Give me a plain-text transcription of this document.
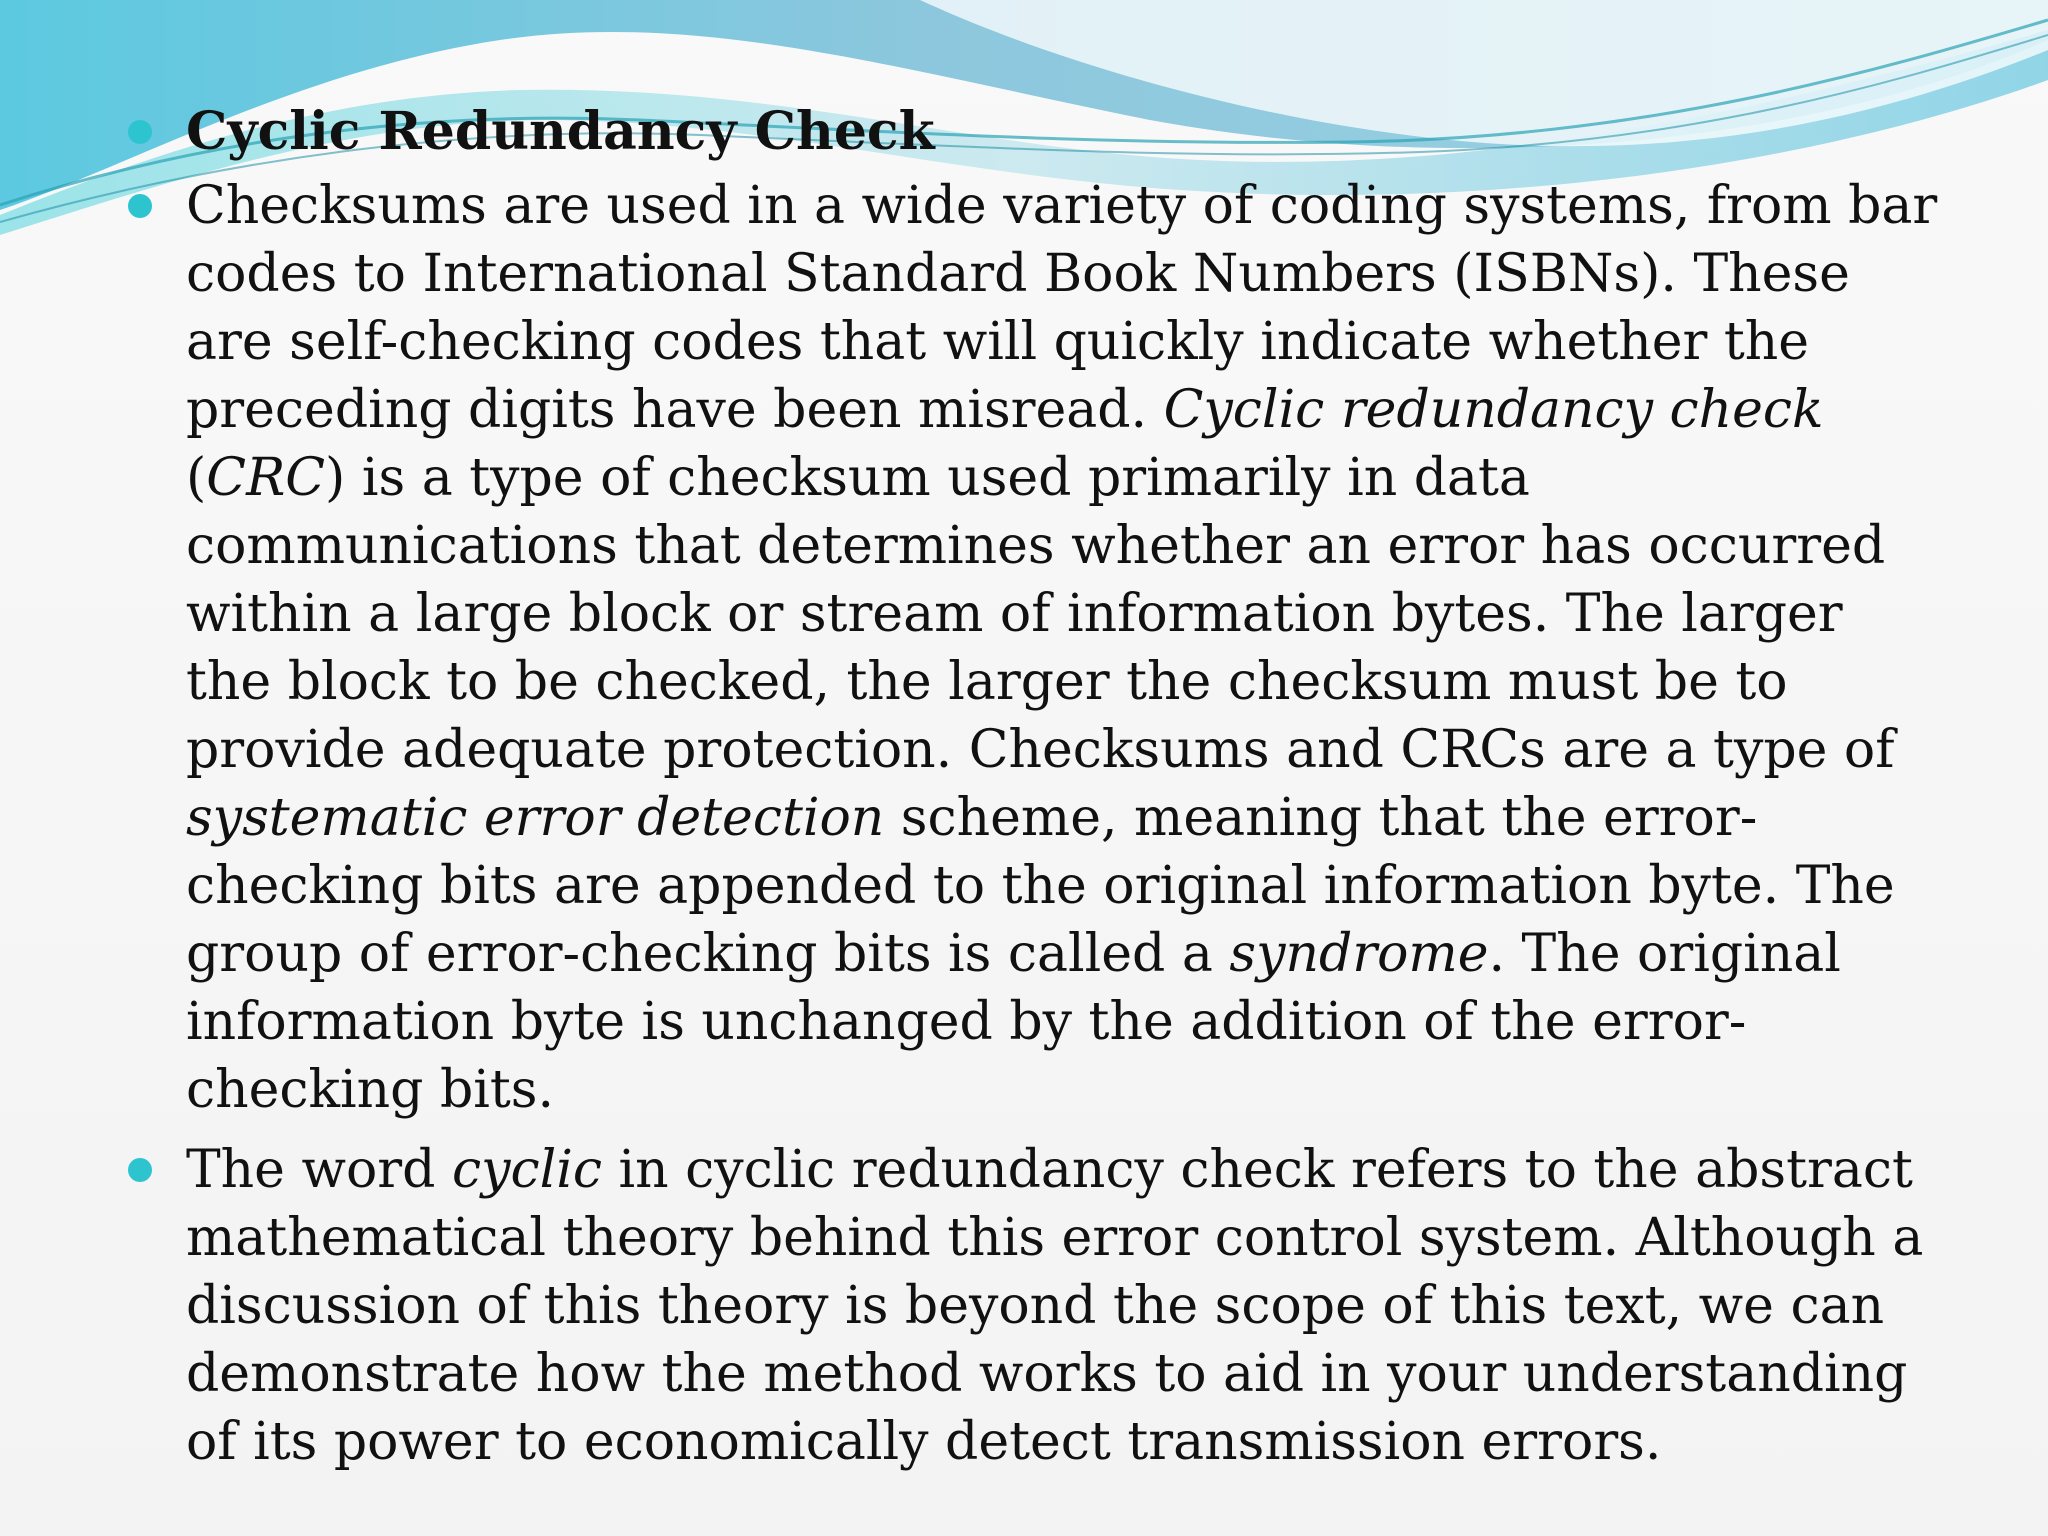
Cyclic Redundancy Check
Checksums are used in a wide variety of coding systems, from bar codes to International Standard Book Numbers (ISBNs). These are self-checking codes that will quickly indicate whether the preceding digits have been misread. Cyclic redundancy check (CRC) is a type of checksum used primarily in data communications that determines whether an error has occurred within a large block or stream of information bytes. The larger the block to be checked, the larger the checksum must be to provide adequate protection. Checksums and CRCs are a type of systematic error detection scheme, meaning that the error-checking bits are appended to the original information byte. The group of error-checking bits is called a syndrome. The original information byte is unchanged by the addition of the error-checking bits.
The word cyclic in cyclic redundancy check refers to the abstract mathematical theory behind this error control system. Although a discussion of this theory is beyond the scope of this text, we can demonstrate how the method works to aid in your understanding of its power to economically detect transmission errors.
